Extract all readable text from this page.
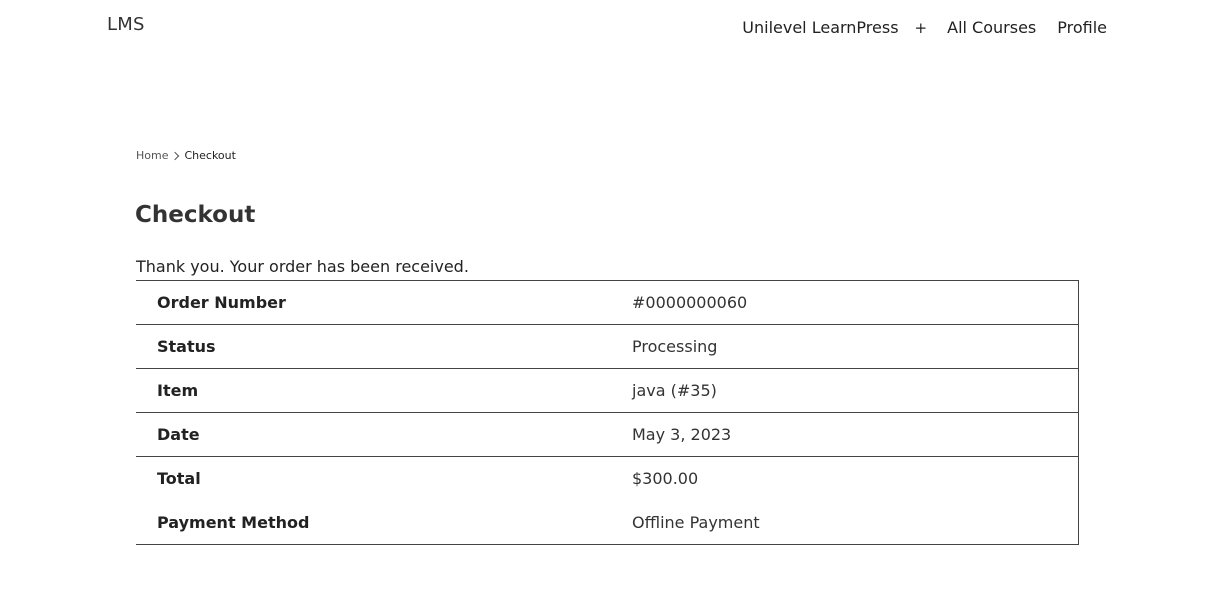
LMS	Unilevel LearnPress + All Courses Profile
Home Checkout
Checkout
Thank you. Your order has been received.
Order Number	#0000000060
Status	Processing
Item	java (#35)
Date	May 3, 2023
Total	$300.00
Payment Method	Offline Payment
